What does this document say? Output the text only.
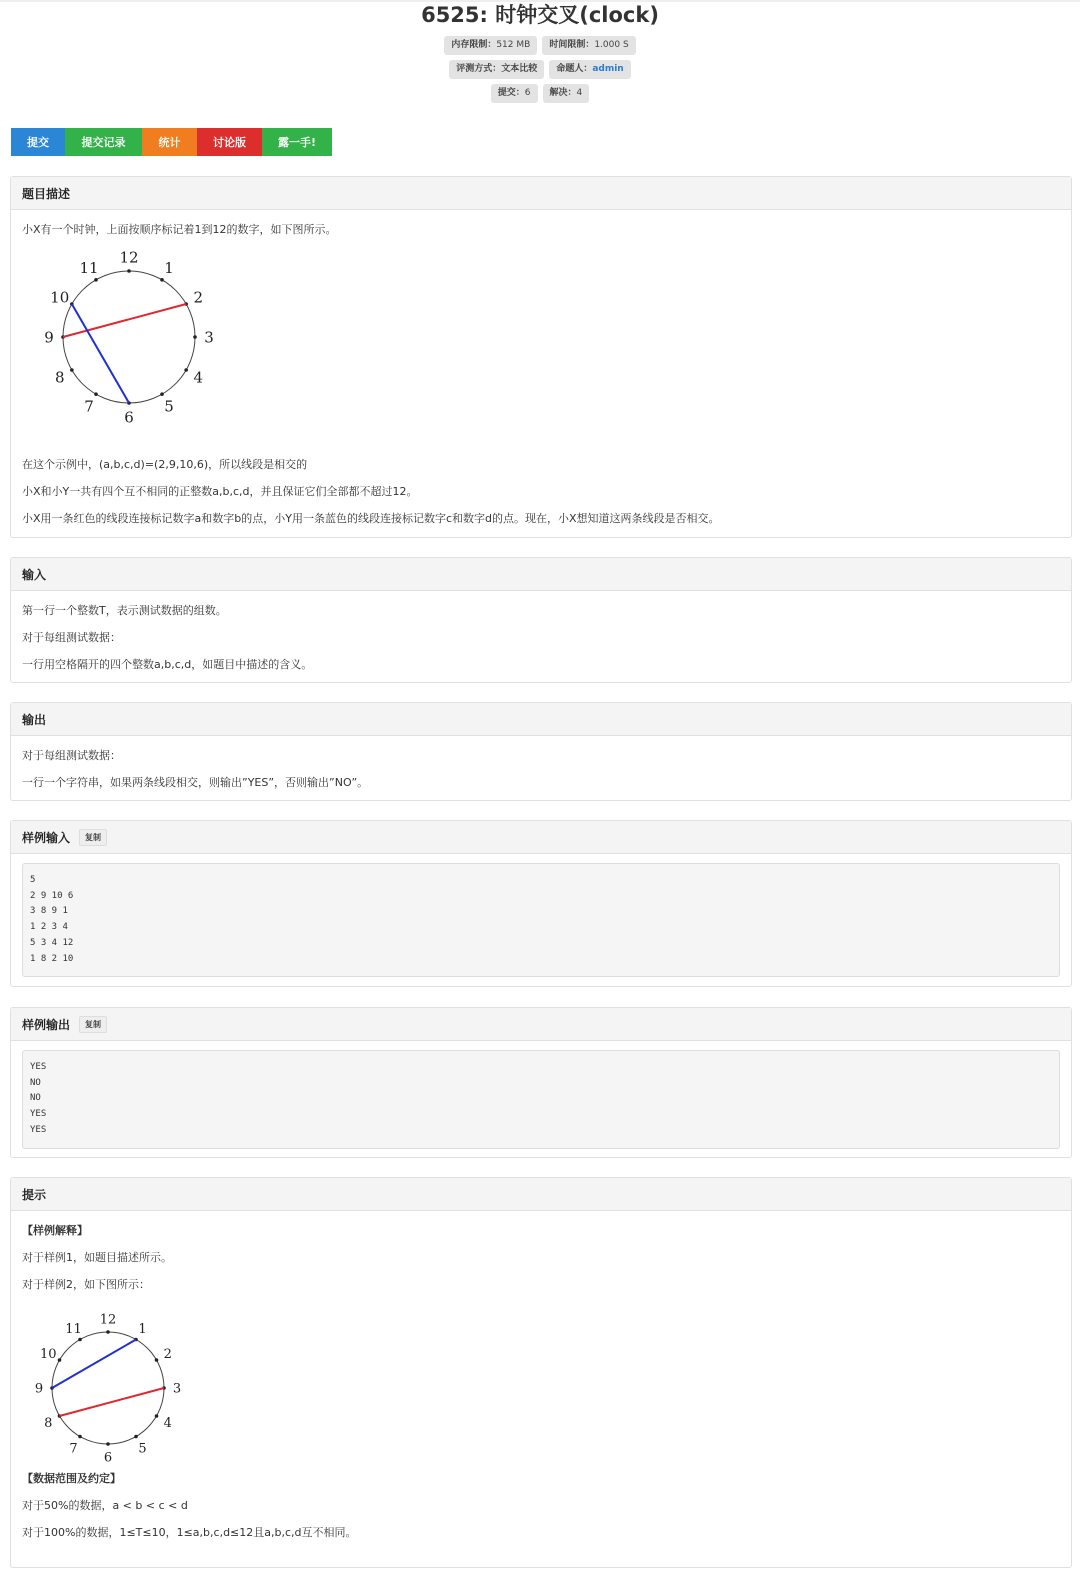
6525: 时钟交叉(clock)
内存限制：512 MB	时间限制：1.000 S
评测方式：文本比较	命题人：admin
提交：6	解决：4
提交	提交记录	统计	讨论版	露一手!
题目描述
小X有一个时钟，上面按顺序标记着1到12的数字，如下图所示。
12
1
2
3
4
5
6
7
8
9
10
11
在这个示例中，(a,b,c,d)=(2,9,10,6)，所以线段是相交的
小X和小Y一共有四个互不相同的正整数a,b,c,d，并且保证它们全部都不超过12。
小X用一条红色的线段连接标记数字a和数字b的点，小Y用一条蓝色的线段连接标记数字c和数字d的点。现在，小X想知道这两条线段是否相交。
输入
第一行一个整数T，表示测试数据的组数。
对于每组测试数据：
一行用空格隔开的四个整数a,b,c,d，如题目中描述的含义。
输出
对于每组测试数据：
一行一个字符串，如果两条线段相交，则输出”YES”，否则输出”NO”。
样例输入	复制
5
2 9 10 6
3 8 9 1
1 2 3 4
5 3 4 12
1 8 2 10
样例输出	复制
YES
NO
NO
YES
YES
提示
【样例解释】
对于样例1，如题目描述所示。
对于样例2，如下图所示：
12
1
2
3
4
5
6
7
8
9
10
11
【数据范围及约定】
对于50%的数据，a < b < c < d
对于100%的数据，1≤T≤10，1≤a,b,c,d≤12且a,b,c,d互不相同。
